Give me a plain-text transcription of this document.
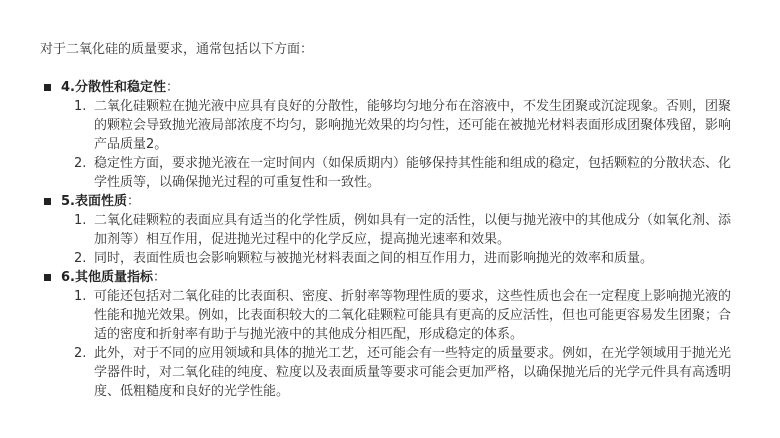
对于二氧化硅的质量要求，通常包括以下方面：

4.分散性和稳定性：
1. 二氧化硅颗粒在抛光液中应具有良好的分散性，能够均匀地分布在溶液中，不发生团聚或沉淀现象。否则，团聚的颗粒会导致抛光液局部浓度不均匀，影响抛光效果的均匀性，还可能在被抛光材料表面形成团聚体残留，影响产品质量2。
2. 稳定性方面，要求抛光液在一定时间内（如保质期内）能够保持其性能和组成的稳定，包括颗粒的分散状态、化学性质等，以确保抛光过程的可重复性和一致性。
5.表面性质：
1. 二氧化硅颗粒的表面应具有适当的化学性质，例如具有一定的活性，以便与抛光液中的其他成分（如氧化剂、添加剂等）相互作用，促进抛光过程中的化学反应，提高抛光速率和效果。
2. 同时，表面性质也会影响颗粒与被抛光材料表面之间的相互作用力，进而影响抛光的效率和质量。
6.其他质量指标：
1. 可能还包括对二氧化硅的比表面积、密度、折射率等物理性质的要求，这些性质也会在一定程度上影响抛光液的性能和抛光效果。例如，比表面积较大的二氧化硅颗粒可能具有更高的反应活性，但也可能更容易发生团聚；合适的密度和折射率有助于与抛光液中的其他成分相匹配，形成稳定的体系。
2. 此外，对于不同的应用领域和具体的抛光工艺，还可能会有一些特定的质量要求。例如，在光学领域用于抛光光学器件时，对二氧化硅的纯度、粒度以及表面质量等要求可能会更加严格，以确保抛光后的光学元件具有高透明度、低粗糙度和良好的光学性能。
